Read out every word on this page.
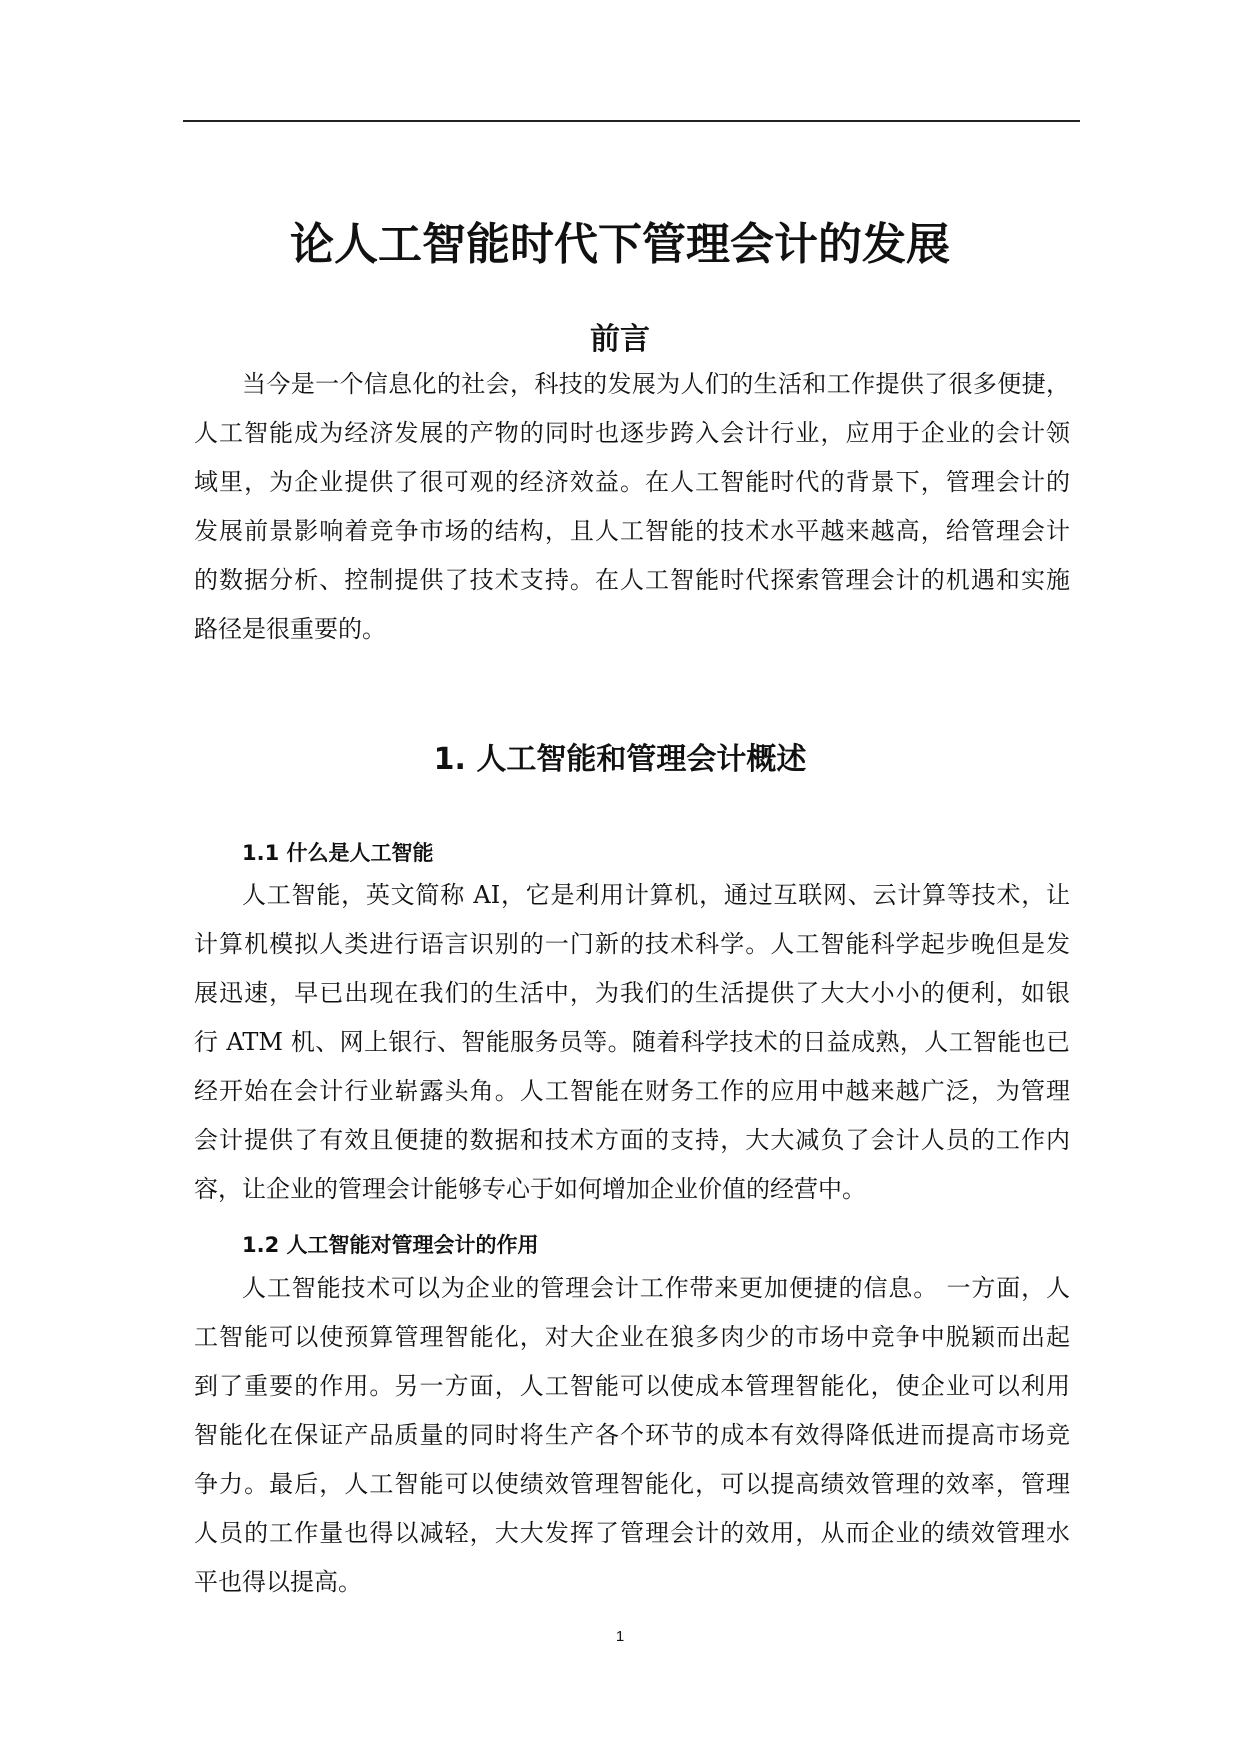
论人工智能时代下管理会计的发展
前言
当今是一个信息化的社会，科技的发展为人们的生活和工作提供了很多便捷，
人工智能成为经济发展的产物的同时也逐步跨入会计行业，应用于企业的会计领
域里，为企业提供了很可观的经济效益。在人工智能时代的背景下，管理会计的
发展前景影响着竞争市场的结构，且人工智能的技术水平越来越高，给管理会计
的数据分析、控制提供了技术支持。在人工智能时代探索管理会计的机遇和实施
路径是很重要的。
1. 人工智能和管理会计概述
1.1 什么是人工智能
人工智能，英文简称 AI，它是利用计算机，通过互联网、云计算等技术，让
计算机模拟人类进行语言识别的一门新的技术科学。人工智能科学起步晚但是发
展迅速，早已出现在我们的生活中，为我们的生活提供了大大小小的便利，如银
行 ATM 机、网上银行、智能服务员等。随着科学技术的日益成熟，人工智能也已
经开始在会计行业崭露头角。人工智能在财务工作的应用中越来越广泛，为管理
会计提供了有效且便捷的数据和技术方面的支持，大大减负了会计人员的工作内
容，让企业的管理会计能够专心于如何增加企业价值的经营中。
1.2 人工智能对管理会计的作用
人工智能技术可以为企业的管理会计工作带来更加便捷的信息。 一方面，人
工智能可以使预算管理智能化，对大企业在狼多肉少的市场中竞争中脱颖而出起
到了重要的作用。另一方面，人工智能可以使成本管理智能化，使企业可以利用
智能化在保证产品质量的同时将生产各个环节的成本有效得降低进而提高市场竞
争力。最后，人工智能可以使绩效管理智能化，可以提高绩效管理的效率，管理
人员的工作量也得以减轻，大大发挥了管理会计的效用，从而企业的绩效管理水
平也得以提高。
1
